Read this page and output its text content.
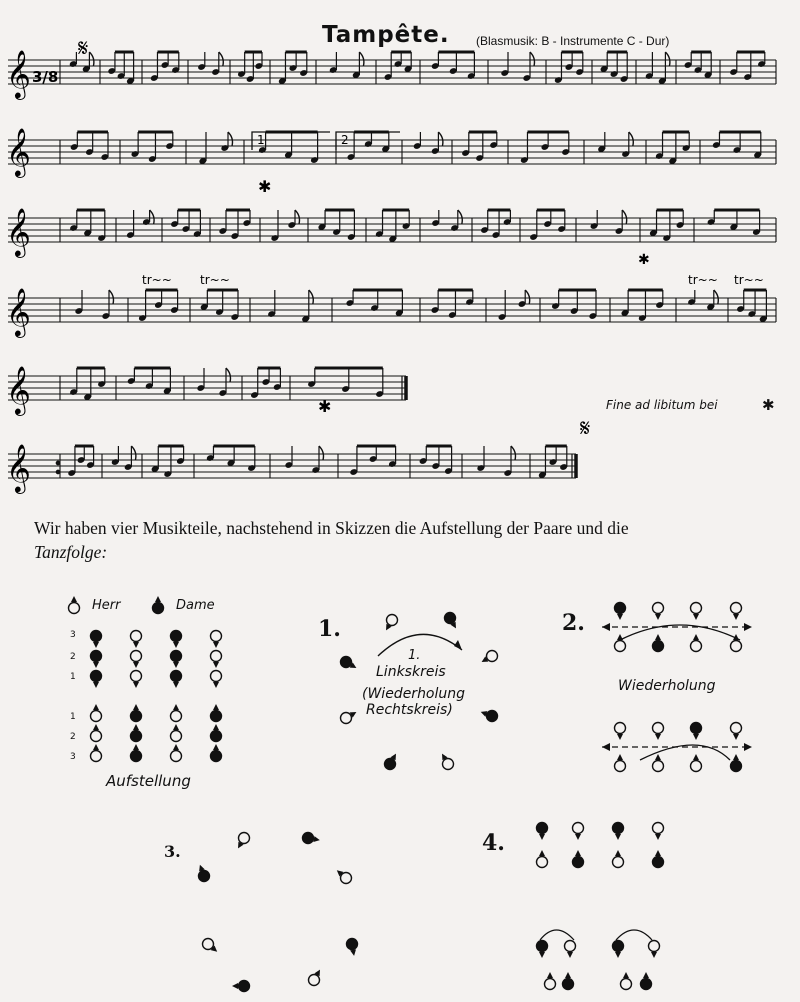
Tampête. (Blasmusik: B - Instrumente C - Dur)
𝄞
𝄞
𝄞
𝄞
𝄞
𝄞
3/8
𝄋
𝄋
1	2
tr~~ tr~~	tr~~ tr~~
✱
✱
✱	Fine ad libitum bei	✱
Wir haben vier Musikteile, nachstehend in Skizzen die Aufstellung der Paare und die
Tanzfolge:
Herr	Dame
Aufstellung
3
2
1
1
2
3
1.
1.
Linkskreis
(Wiederholung
Rechtskreis)
2.
Wiederholung
3.	4.
